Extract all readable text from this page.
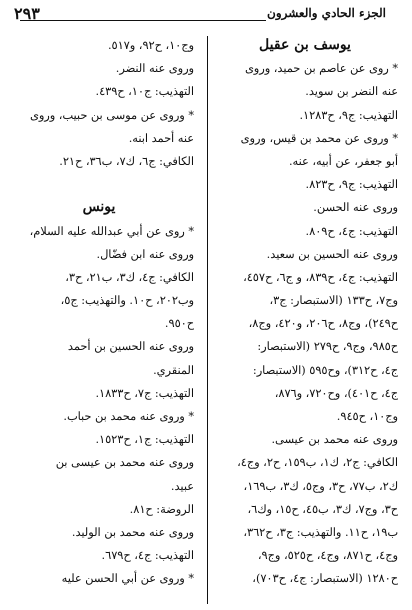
الجزء الحادي والعشرون
٢٩٣
يوسف بن عقيل
* روى عن عاصم بن حميد، وروى
عنه النضر بن سويد.
التهذيب: ج٩، ح١٢٨٣.
* وروى عن محمد بن قيس، وروى
أبو جعفر، عن أبيه، عنه.
التهذيب: ج٩، ح٨٢٣.
وروى عنه الحسن.
التهذيب: ج٤، ح٨٠٩.
وروى عنه الحسين بن سعيد.
التهذيب: ج٤، ح٨٣٩، و ج٦، ح٤٥٧،
وج٧، ح١٣٣ (الاستبصار: ج٣،
ح٢٤٩)، وج٨، ح٢٠٦، و٤٢٠، وج٨،
ح٩٨٥، وج٩، ح٢٧٩ (الاستبصار:
ج٤، ح٣١٢)، وح٥٩٥ (الاستبصار:
ج٤، ح٤٠١)، وح٧٢٠، و٨٧٦،
وج١٠، ح٩٤٥.
وروى عنه محمد بن عيسى.
الكافي: ج٢، ك١، ب١٥٩، ح٢، وج٤،
ك٢، ب٧٧، ح٣، وج٥، ك٣، ب١٦٩،
ح٣، وج٧، ك٣، ب٤٥، ح١٥، وك٦،
ب١٩، ح١١. والتهذيب: ج٣، ح٣٦٢،
وج٤، ح٨٧١، وج٤، ح٥٢٥، وج٩،
ح١٢٨٠ (الاستبصار: ج٤، ح٧٠٣)،
وج١٠، ح٩٢، و٥١٧.
وروى عنه النضر.
التهذيب: ج١٠، ح٤٣٩.
* وروى عن موسى بن حبيب، وروى
عنه أحمد ابنه.
الكافي: ج٦، ك٧، ب٣٦، ح٢١.
يونس
* روى عن أبي عبدالله عليه السلام،
وروى عنه ابن فضّال.
الكافي: ج٤، ك٣، ب٢١، ح٣،
وب٢٠٢، ح١٠. والتهذيب: ج٥،
ح٩٥٠.
وروى عنه الحسين بن أحمد
المنقري.
التهذيب: ج٧، ح١٨٣٣.
* وروى عنه محمد بن حباب.
التهذيب: ج١، ح١٥٢٣.
وروى عنه محمد بن عيسى بن
عبيد.
الروضة: ح٨١.
وروى عنه محمد بن الوليد.
التهذيب: ج٤، ح٦٧٩.
* وروى عن أبي الحسن عليه
